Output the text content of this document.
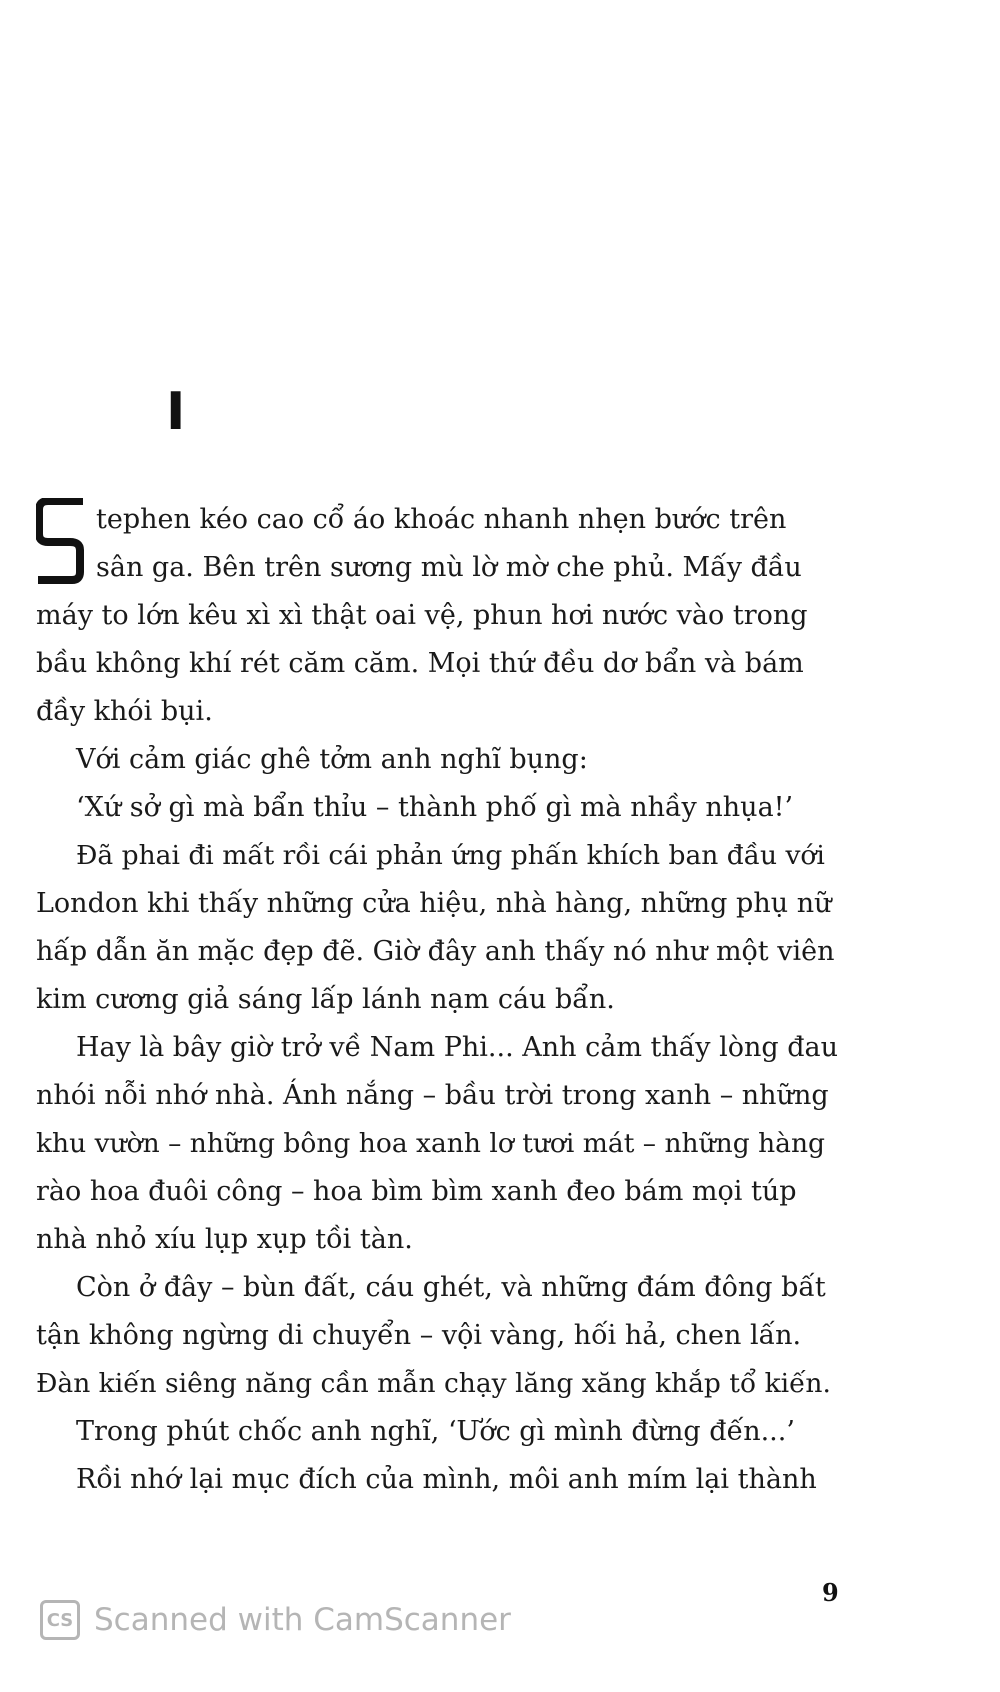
I
tephen kéo cao cổ áo khoác nhanh nhẹn bước trên
sân ga. Bên trên sương mù lờ mờ che phủ. Mấy đầu
máy to lớn kêu xì xì thật oai vệ, phun hơi nước vào trong
bầu không khí rét căm căm. Mọi thứ đều dơ bẩn và bám
đầy khói bụi.
Với cảm giác ghê tởm anh nghĩ bụng:
‘Xứ sở gì mà bẩn thỉu – thành phố gì mà nhầy nhụa!’
Đã phai đi mất rồi cái phản ứng phấn khích ban đầu với
London khi thấy những cửa hiệu, nhà hàng, những phụ nữ
hấp dẫn ăn mặc đẹp đẽ. Giờ đây anh thấy nó như một viên
kim cương giả sáng lấp lánh nạm cáu bẩn.
Hay là bây giờ trở về Nam Phi... Anh cảm thấy lòng đau
nhói nỗi nhớ nhà. Ánh nắng – bầu trời trong xanh – những
khu vườn – những bông hoa xanh lơ tươi mát – những hàng
rào hoa đuôi công – hoa bìm bìm xanh đeo bám mọi túp
nhà nhỏ xíu lụp xụp tồi tàn.
Còn ở đây – bùn đất, cáu ghét, và những đám đông bất
tận không ngừng di chuyển – vội vàng, hối hả, chen lấn.
Đàn kiến siêng năng cần mẫn chạy lăng xăng khắp tổ kiến.
Trong phút chốc anh nghĩ, ‘Ước gì mình đừng đến...’
Rồi nhớ lại mục đích của mình, môi anh mím lại thành
9
CS Scanned with CamScanner
